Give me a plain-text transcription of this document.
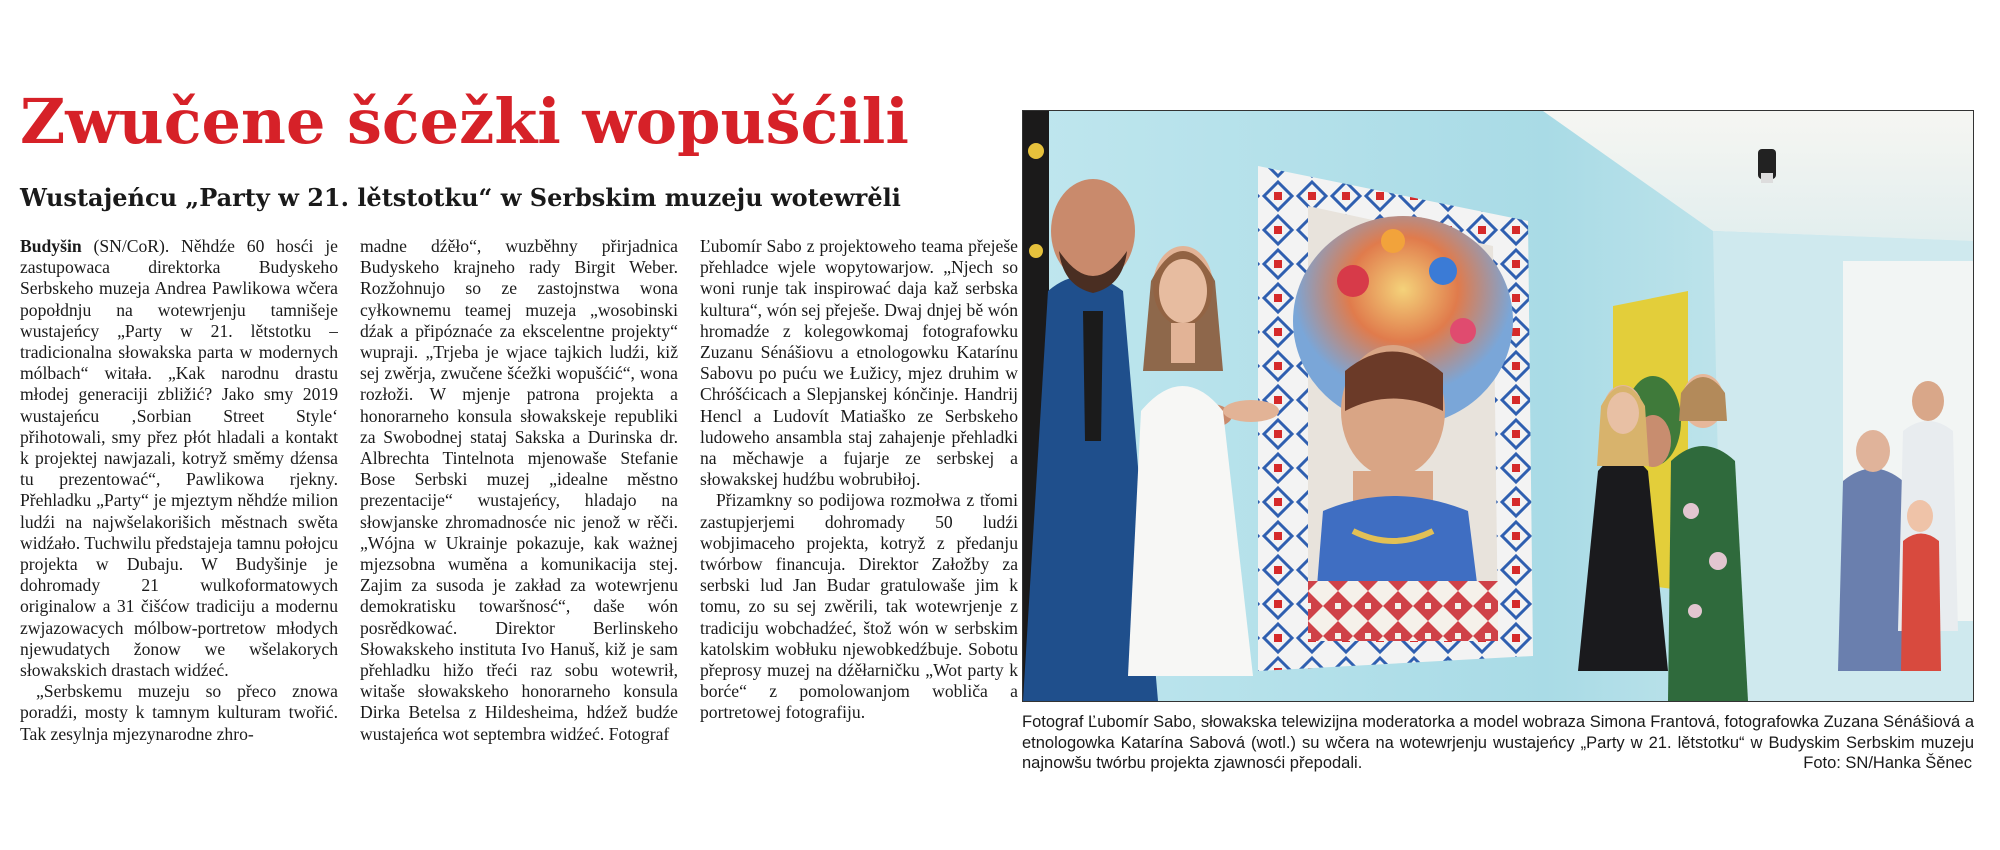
Zwučene šćežki wopušćili
Wustajeńcu „Party w 21. lětstotku“ w Serbskim muzeju wotewrěli

Budyšin (SN/CoR). Něhdźe 60 hosći je zastupowaca direktorka Budyskeho Serbskeho muzeja Andrea Pawlikowa wčera popołdnju na wotewrjenju tamnišeje wustajeńcy „Party w 21. lětstotku – tradicionalna słowakska parta w modernych mólbach“ witała. „Kak narodnu drastu młodej generaciji zbližić? Jako smy 2019 wustajeńcu ‚Sorbian Street Style‘ přihotowali, smy přez płót hladali a kontakt k projektej nawjazali, kotryž směmy dźensa tu prezentować“, Pawlikowa rjekny. Přehladku „Party“ je mjeztym něhdźe milion ludźi na najwšelakorišich městnach swěta widźało. Tuchwilu předstajeja tamnu połojcu projekta w Dubaju. W Budyšinje je dohromady 21 wulkoformatowych originalow a 31 čišćow tradiciju a modernu zwjazowacych mólbow-portretow młodych njewudatych žonow we wšelakorych słowakskich drastach widźeć.

„Serbskemu muzeju so přeco znowa poradźi, mosty k tamnym kulturam twořić. Tak zesylnja mjezynarodne zhro-

madne dźěło“, wuzběhny přirjadnica Budyskeho krajneho rady Birgit Weber. Rozžohnujo so ze zastojnstwa wona cyłkownemu teamej muzeja „wosobinski dźak a připóznaće za ekscelentne projekty“ wupraji. „Trjeba je wjace tajkich ludźi, kiž sej zwěrja, zwučene šćežki wopušćić“, wona rozłoži. W mjenje patrona projekta a honorarneho konsula słowakskeje republiki za Swobodnej stataj Sakska a Durinska dr. Albrechta Tintelnota mjenowaše Stefanie Bose Serbski muzej „idealne městno prezentacije“ wustajeńcy, hladajo na słowjanske zhromadnosće nic jenož w rěči. „Wójna w Ukrainje pokazuje, kak ważnej mjezsobna wuměna a komunikacija stej. Zajim za susoda je zakład za wotewrjenu demokratisku towaršnosć“, daše wón posrědkować. Direktor Berlinskeho Słowakskeho instituta Ivo Hanuš, kiž je sam přehladku hižo třeći raz sobu wotewrił, witaše słowakskeho honorarneho konsula Dirka Betelsa z Hildesheima, hdźež budźe wustajeńca wot septembra widźeć. Fotograf

Ľubomír Sabo z projektoweho teama přeješe přehladce wjele wopytowarjow. „Njech so woni runje tak inspirować daja kaž serbska kultura“, wón sej přeješe. Dwaj dnjej bě wón hromadźe z kolegowkomaj fotografowku Zuzanu Sénášiovu a etnologowku Katarínu Sabovu po puću we Łužicy, mjez druhim w Chróšćicach a Slepjanskej kónčinje. Handrij Hencl a Ludovít Matiaško ze Serbskeho ludoweho ansambla staj zahajenje přehladki na měchawje a fujarje ze serbskej a słowakskej hudźbu wobrubiłoj.

Přizamkny so podijowa rozmołwa z třomi zastupjerjemi dohromady 50 ludźi wobjimaceho projekta, kotryž z předanju twórbow financuja. Direktor Załožby za serbski lud Jan Budar gratulowaše jim k tomu, zo su sej zwěrili, tak wotewrjenje z tradiciju wobchadźeć, štož wón w serbskim katolskim wobłuku njewobkedźbuje. Sobotu přeprosy muzej na dźěłarničku „Wot party k borće“ z pomolowanjom wobliča a portretowej fotografiju.	Fotograf Ľubomír Sabo, słowakska telewizijna moderatorka a model wobraza Simona Frantová, fotografowka Zuzana Sénášiová a etnologowka Katarína Sabová (wotl.) su wčera na wotewrjenju wustajeńcy „Party w 21. lětstotku“ w Budyskim Serbskim muzeju najnowšu twórbu projekta zjawnosći přepodali.	Foto: SN/Hanka Šěnec
